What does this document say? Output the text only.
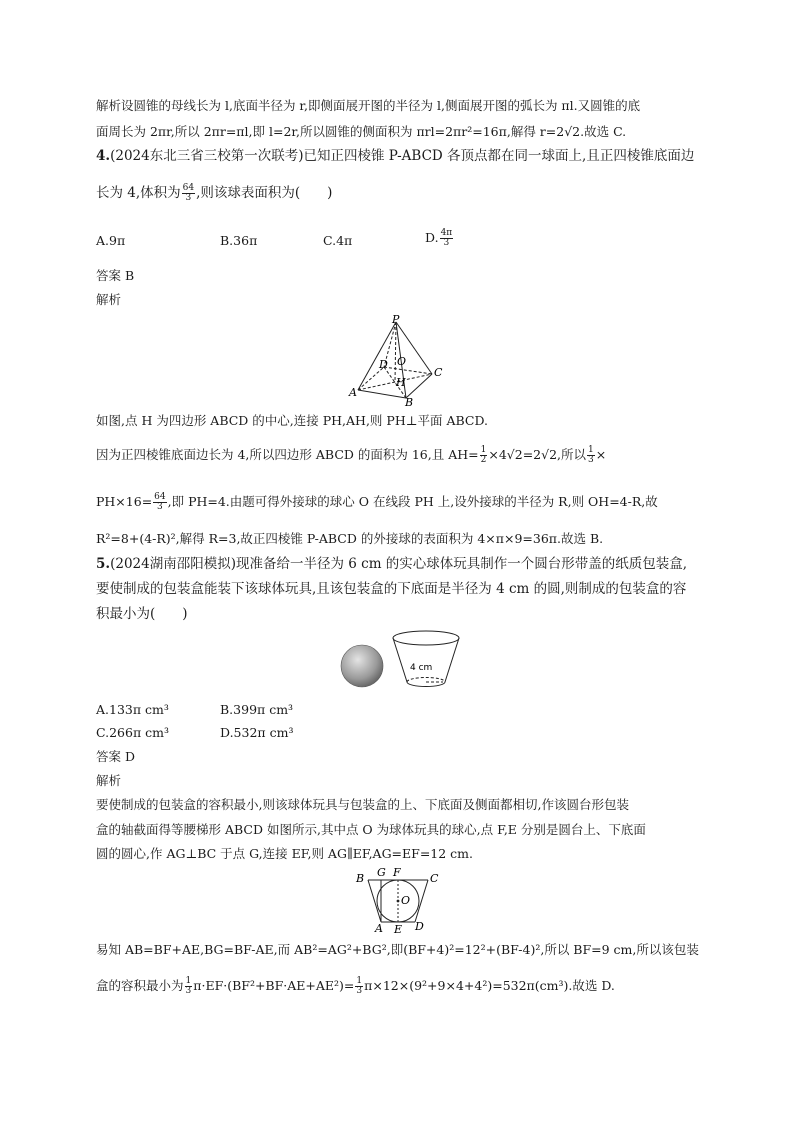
解析设圆锥的母线长为 l,底面半径为 r,即侧面展开图的半径为 l,侧面展开图的弧长为 πl.又圆锥的底
面周长为 2πr,所以 2πr=πl,即 l=2r,所以圆锥的侧面积为 πrl=2πr²=16π,解得 r=2√2.故选 C.
4.(2024东北三省三校第一次联考)已知正四棱锥 P-ABCD 各顶点都在同一球面上,且正四棱锥底面边
长为 4,体积为 $\frac{64}{3}$ ,则该球表面积为(　　)
A.9π	B.36π	C.4π	D. $\frac{4\pi}{3}$
答案 B
解析
P
D O
C
A
H
B
如图,点 H 为四边形 ABCD 的中心,连接 PH,AH,则 PH⊥平面 ABCD.
因为正四棱锥底面边长为 4,所以四边形 ABCD 的面积为 16,且 $AH= \frac{1}{2} \times 4√2=2√2$,所以 $\frac{1}{3}$ ×
$PH\times 16= \frac{64}{3}$ ,即 PH=4.由题可得外接球的球心 O 在线段 PH 上,设外接球的半径为 R,则 OH=4-R,故
R²=8+(4-R)²,解得 R=3,故正四棱锥 P-ABCD 的外接球的表面积为 4×π×9=36π.故选 B.
5.(2024湖南邵阳模拟)现准备给一半径为 6 cm 的实心球体玩具制作一个圆台形带盖的纸质包装盒,
要使制成的包装盒能装下该球体玩具,且该包装盒的下底面是半径为 4 cm 的圆,则制成的包装盒的容
积最小为(　　)
4 cm
A.133π cm³	B.399π cm³
C.266π cm³	D.532π cm³
答案 D
解析
要使制成的包装盒的容积最小,则该球体玩具与包装盒的上、下底面及侧面都相切,作该圆台形包装
盒的轴截面得等腰梯形 ABCD 如图所示,其中点 O 为球体玩具的球心,点 F,E 分别是圆台上、下底面
圆的圆心,作 AG⊥BC 于点 G,连接 EF,则 AG∥EF,AG=EF=12 cm.
B G F	C
O
A E D
易知 AB=BF+AE,BG=BF-AE,而 AB²=AG²+BG²,即(BF+4)²=12²+(BF-4)²,所以 BF=9 cm,所以该包装
盒的容积最小为 $\frac{1}{3} \pi\cdot EF\cdot(BF^2+BF\cdot AE+AE^2)= \frac{1}{3} \pi\times 12\times(9^2+9\times 4+4^2)=532\pi(cm^3)$.故选 D.
